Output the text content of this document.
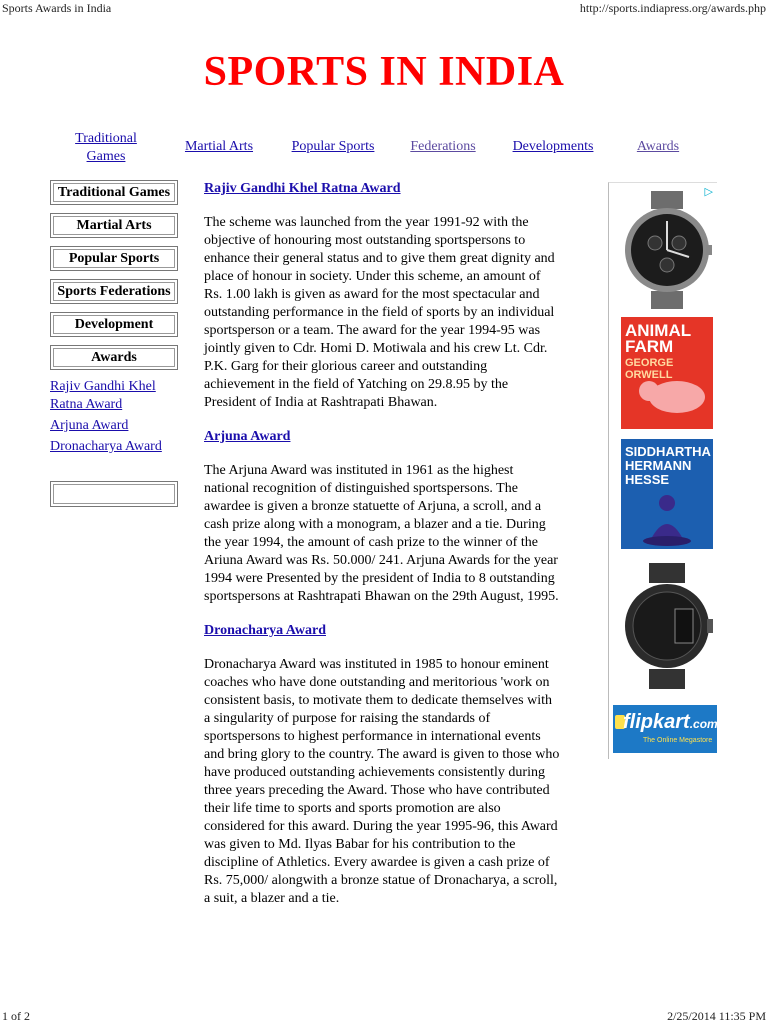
Sports Awards in India	http://sports.indiapress.org/awards.php
SPORTS IN INDIA
Traditional Games
Martial Arts	Popular Sports	Federations	Developments	Awards
Traditional Games
Martial Arts
Popular Sports
Sports Federations
Development
Awards
Rajiv Gandhi Khel Ratna Award
Arjuna Award
Dronacharya Award
Rajiv Gandhi Khel Ratna Award

The scheme was launched from the year 1991-92 with the objective of honouring most outstanding sportspersons to enhance their general status and to give them great dignity and place of honour in society. Under this scheme, an amount of Rs. 1.00 lakh is given as award for the most spectacular and outstanding performance in the field of sports by an individual sportsperson or a team. The award for the year 1994-95 was jointly given to Cdr. Homi D. Motiwala and his crew Lt. Cdr. P.K. Garg for their glorious career and outstanding achievement in the field of Yatching on 29.8.95 by the President of India at Rashtrapati Bhawan.

Arjuna Award

The Arjuna Award was instituted in 1961 as the highest national recognition of distinguished sportspersons. The awardee is given a bronze statuette of Arjuna, a scroll, and a cash prize along with a monogram, a blazer and a tie. During the year 1994, the amount of cash prize to the winner of the Ariuna Award was Rs. 50.000/ 241. Arjuna Awards for the year 1994 were Presented by the president of India to 8 outstanding sportspersons at Rashtrapati Bhawan on the 29th August, 1995.

Dronacharya Award

Dronacharya Award was instituted in 1985 to honour eminent coaches who have done outstanding and meritorious 'work on consistent basis, to motivate them to dedicate themselves with a singularity of purpose for raising the standards of sportspersons to highest performance in international events and bring glory to the country. The award is given to those who have produced outstanding achievements consistently during three years preceding the Award. Those who have contributed their life time to sports and sports promotion are also considered for this award. During the year 1995-96, this Award was given to Md. Ilyas Babar for his contribution to the discipline of Athletics. Every awardee is given a cash prize of Rs. 75,000/ alongwith a bronze statue of Dronacharya, a scroll, a suit, a blazer and a tie.

▷
ANIMAL FARM
GEORGE ORWELL
SIDDHARTHA HERMANN HESSE
flipkart.com
The Online Megastore
1 of 2	2/25/2014 11:35 PM
